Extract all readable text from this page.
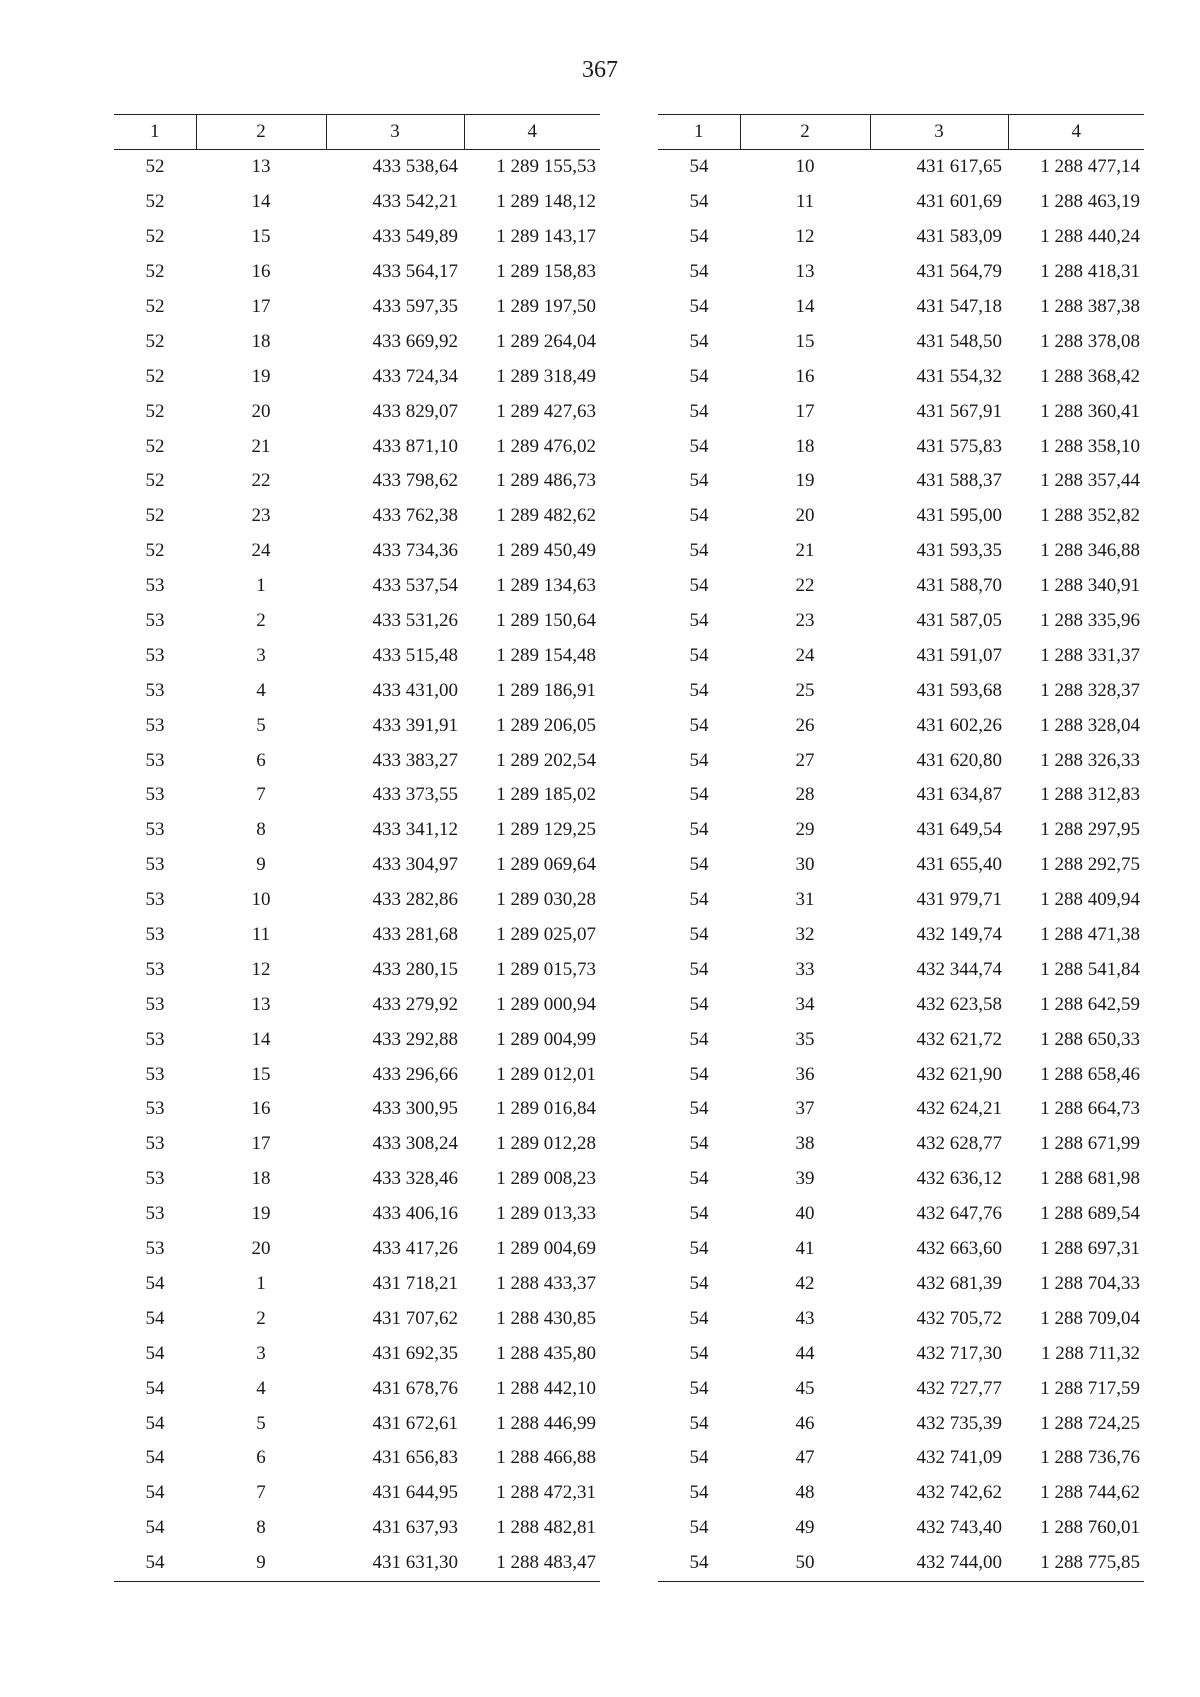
367
1	2	3	4
52	13	433 538,64	1 289 155,53
52	14	433 542,21	1 289 148,12
52	15	433 549,89	1 289 143,17
52	16	433 564,17	1 289 158,83
52	17	433 597,35	1 289 197,50
52	18	433 669,92	1 289 264,04
52	19	433 724,34	1 289 318,49
52	20	433 829,07	1 289 427,63
52	21	433 871,10	1 289 476,02
52	22	433 798,62	1 289 486,73
52	23	433 762,38	1 289 482,62
52	24	433 734,36	1 289 450,49
53	1	433 537,54	1 289 134,63
53	2	433 531,26	1 289 150,64
53	3	433 515,48	1 289 154,48
53	4	433 431,00	1 289 186,91
53	5	433 391,91	1 289 206,05
53	6	433 383,27	1 289 202,54
53	7	433 373,55	1 289 185,02
53	8	433 341,12	1 289 129,25
53	9	433 304,97	1 289 069,64
53	10	433 282,86	1 289 030,28
53	11	433 281,68	1 289 025,07
53	12	433 280,15	1 289 015,73
53	13	433 279,92	1 289 000,94
53	14	433 292,88	1 289 004,99
53	15	433 296,66	1 289 012,01
53	16	433 300,95	1 289 016,84
53	17	433 308,24	1 289 012,28
53	18	433 328,46	1 289 008,23
53	19	433 406,16	1 289 013,33
53	20	433 417,26	1 289 004,69
54	1	431 718,21	1 288 433,37
54	2	431 707,62	1 288 430,85
54	3	431 692,35	1 288 435,80
54	4	431 678,76	1 288 442,10
54	5	431 672,61	1 288 446,99
54	6	431 656,83	1 288 466,88
54	7	431 644,95	1 288 472,31
54	8	431 637,93	1 288 482,81
54	9	431 631,30	1 288 483,47
1	2	3	4
54	10	431 617,65	1 288 477,14
54	11	431 601,69	1 288 463,19
54	12	431 583,09	1 288 440,24
54	13	431 564,79	1 288 418,31
54	14	431 547,18	1 288 387,38
54	15	431 548,50	1 288 378,08
54	16	431 554,32	1 288 368,42
54	17	431 567,91	1 288 360,41
54	18	431 575,83	1 288 358,10
54	19	431 588,37	1 288 357,44
54	20	431 595,00	1 288 352,82
54	21	431 593,35	1 288 346,88
54	22	431 588,70	1 288 340,91
54	23	431 587,05	1 288 335,96
54	24	431 591,07	1 288 331,37
54	25	431 593,68	1 288 328,37
54	26	431 602,26	1 288 328,04
54	27	431 620,80	1 288 326,33
54	28	431 634,87	1 288 312,83
54	29	431 649,54	1 288 297,95
54	30	431 655,40	1 288 292,75
54	31	431 979,71	1 288 409,94
54	32	432 149,74	1 288 471,38
54	33	432 344,74	1 288 541,84
54	34	432 623,58	1 288 642,59
54	35	432 621,72	1 288 650,33
54	36	432 621,90	1 288 658,46
54	37	432 624,21	1 288 664,73
54	38	432 628,77	1 288 671,99
54	39	432 636,12	1 288 681,98
54	40	432 647,76	1 288 689,54
54	41	432 663,60	1 288 697,31
54	42	432 681,39	1 288 704,33
54	43	432 705,72	1 288 709,04
54	44	432 717,30	1 288 711,32
54	45	432 727,77	1 288 717,59
54	46	432 735,39	1 288 724,25
54	47	432 741,09	1 288 736,76
54	48	432 742,62	1 288 744,62
54	49	432 743,40	1 288 760,01
54	50	432 744,00	1 288 775,85
